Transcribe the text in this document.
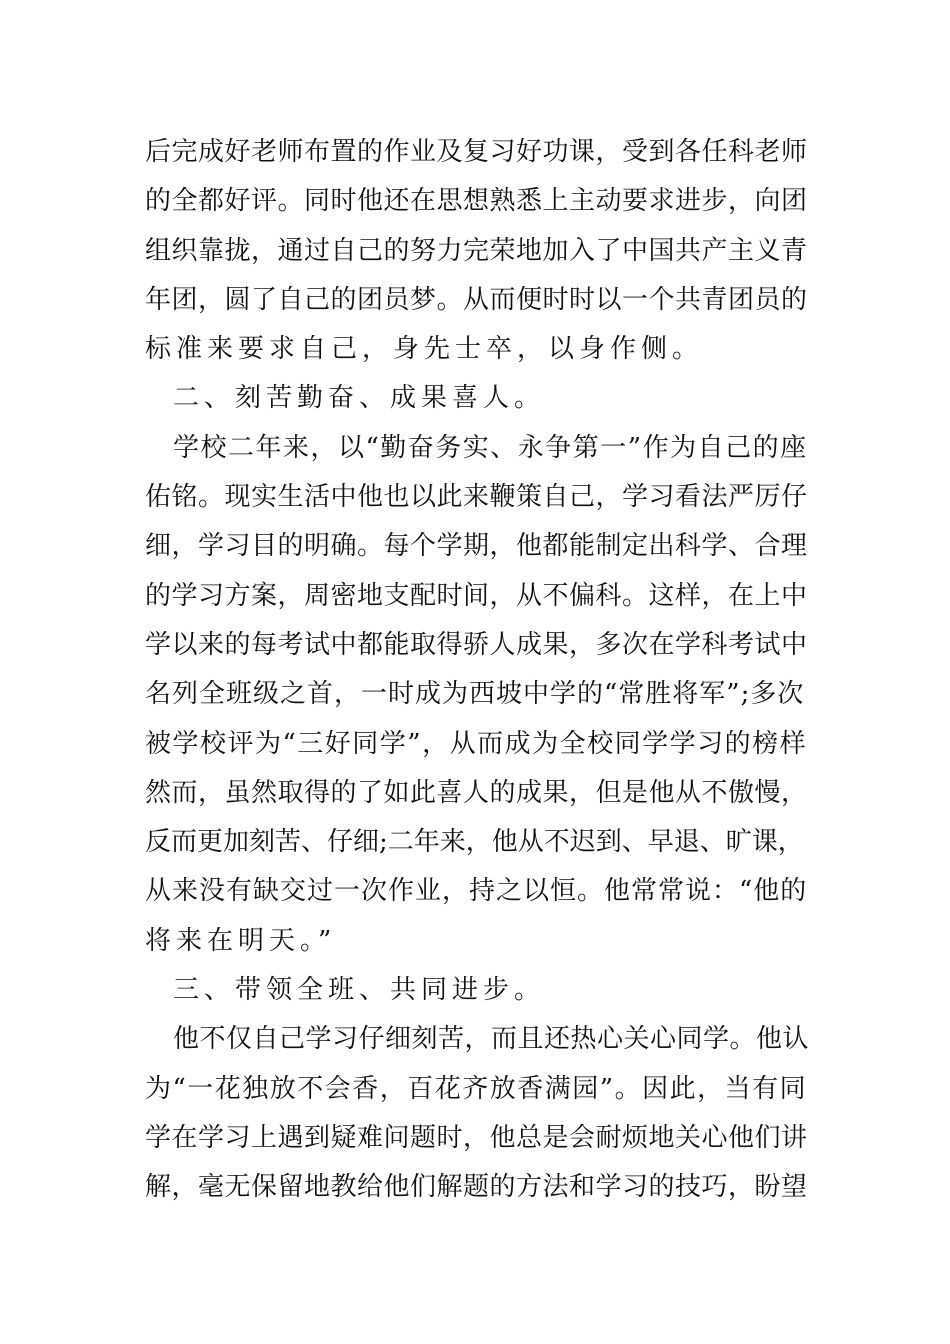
后完成好老师布置的作业及复习好功课，受到各任科老师
的全都好评。同时他还在思想熟悉上主动要求进步，向团
组织靠拢，通过自己的努力完荣地加入了中国共产主义青
年团，圆了自己的团员梦。从而便时时以一个共青团员的
标准来要求自己，身先士卒，以身作侧。
二、刻苦勤奋、成果喜人。
学校二年来，以“勤奋务实、永争第一”作为自己的座
佑铭。现实生活中他也以此来鞭策自己，学习看法严厉仔
细，学习目的明确。每个学期，他都能制定出科学、合理
的学习方案，周密地支配时间，从不偏科。这样，在上中
学以来的每考试中都能取得骄人成果，多次在学科考试中
名列全班级之首，一时成为西坡中学的“常胜将军”;多次
被学校评为“三好同学”，从而成为全校同学学习的榜样
然而，虽然取得的了如此喜人的成果，但是他从不傲慢，
反而更加刻苦、仔细;二年来，他从不迟到、早退、旷课，
从来没有缺交过一次作业，持之以恒。他常常说：“他的
将来在明天。”
三、带领全班、共同进步。
他不仅自己学习仔细刻苦，而且还热心关心同学。他认
为“一花独放不会香，百花齐放香满园”。因此，当有同
学在学习上遇到疑难问题时，他总是会耐烦地关心他们讲
解，毫无保留地教给他们解题的方法和学习的技巧，盼望
